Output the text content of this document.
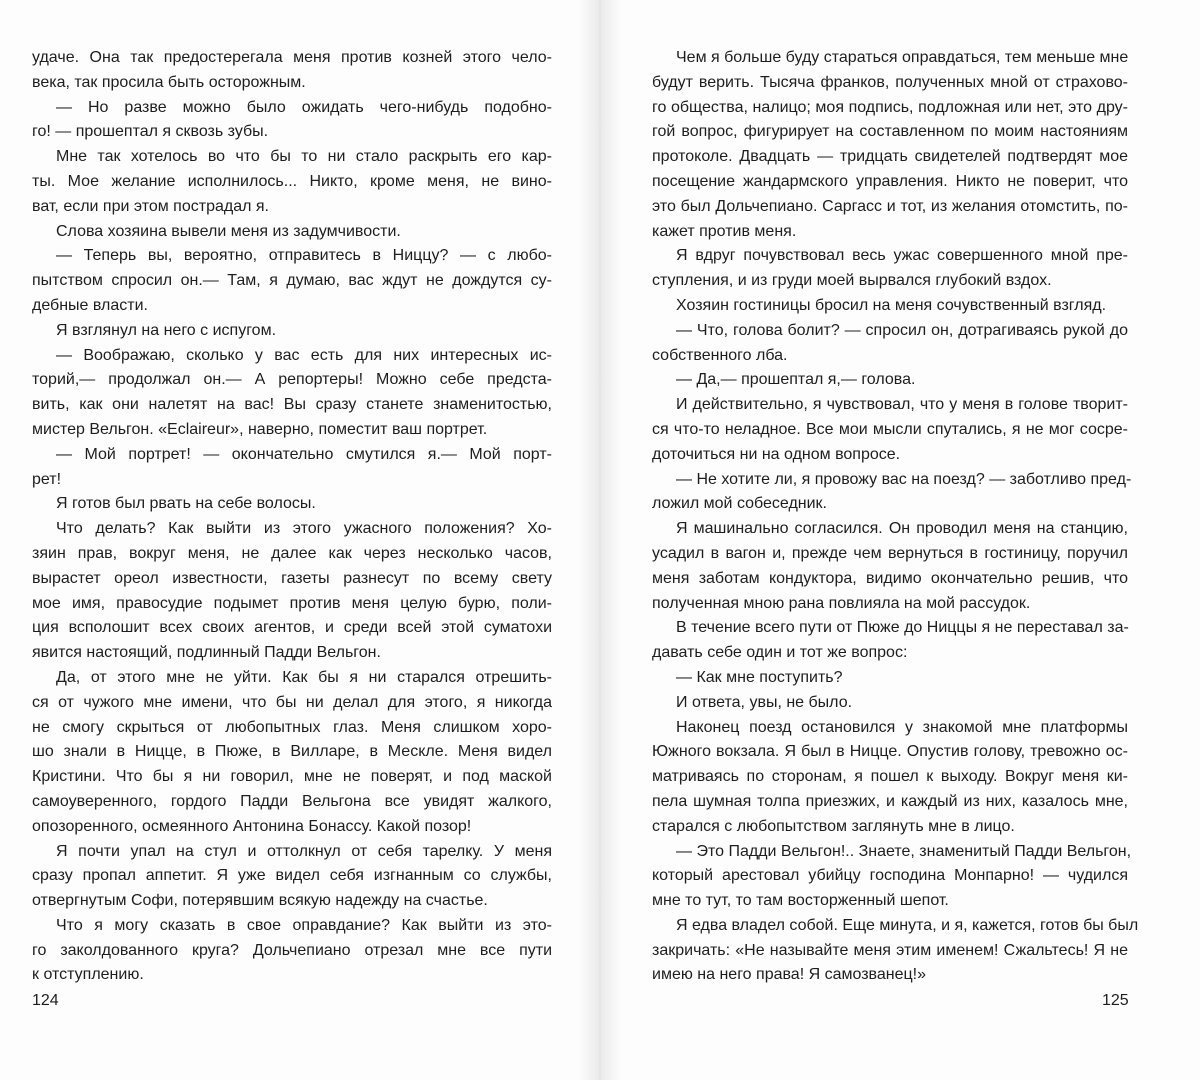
удаче. Она так предостерегала меня против козней этого чело-
века, так просила быть осторожным.
— Но разве можно было ожидать чего-нибудь подобно-
го! — прошептал я сквозь зубы.
Мне так хотелось во что бы то ни стало раскрыть его кар-
ты. Мое желание исполнилось... Никто, кроме меня, не вино-
ват, если при этом пострадал я.
Слова хозяина вывели меня из задумчивости.
— Теперь вы, вероятно, отправитесь в Ниццу? — с любо-
пытством спросил он.— Там, я думаю, вас ждут не дождутся су-
дебные власти.
Я взглянул на него с испугом.
— Воображаю, сколько у вас есть для них интересных ис-
торий,— продолжал он.— А репортеры! Можно себе предста-
вить, как они налетят на вас! Вы сразу станете знаменитостью,
мистер Вельгон. «Eclaireur», наверно, поместит ваш портрет.
— Мой портрет! — окончательно смутился я.— Мой порт-
рет!
Я готов был рвать на себе волосы.
Что делать? Как выйти из этого ужасного положения? Хо-
зяин прав, вокруг меня, не далее как через несколько часов,
вырастет ореол известности, газеты разнесут по всему свету
мое имя, правосудие подымет против меня целую бурю, поли-
ция всполошит всех своих агентов, и среди всей этой суматохи
явится настоящий, подлинный Падди Вельгон.
Да, от этого мне не уйти. Как бы я ни старался отрешить-
ся от чужого мне имени, что бы ни делал для этого, я никогда
не смогу скрыться от любопытных глаз. Меня слишком хоро-
шо знали в Ницце, в Пюже, в Вилларе, в Мескле. Меня видел
Кристини. Что бы я ни говорил, мне не поверят, и под маской
самоуверенного, гордого Падди Вельгона все увидят жалкого,
опозоренного, осмеянного Антонина Бонассу. Какой позор!
Я почти упал на стул и оттолкнул от себя тарелку. У меня
сразу пропал аппетит. Я уже видел себя изгнанным со службы,
отвергнутым Софи, потерявшим всякую надежду на счастье.
Что я могу сказать в свое оправдание? Как выйти из это-
го заколдованного круга? Дольчепиано отрезал мне все пути
к отступлению.
Чем я больше буду стараться оправдаться, тем меньше мне
будут верить. Тысяча франков, полученных мной от страхово-
го общества, налицо; моя подпись, подложная или нет, это дру-
гой вопрос, фигурирует на составленном по моим настояниям
протоколе. Двадцать — тридцать свидетелей подтвердят мое
посещение жандармского управления. Никто не поверит, что
это был Дольчепиано. Саргасс и тот, из желания отомстить, по-
кажет против меня.
Я вдруг почувствовал весь ужас совершенного мной пре-
ступления, и из груди моей вырвался глубокий вздох.
Хозяин гостиницы бросил на меня сочувственный взгляд.
— Что, голова болит? — спросил он, дотрагиваясь рукой до
собственного лба.
— Да,— прошептал я,— голова.
И действительно, я чувствовал, что у меня в голове творит-
ся что-то неладное. Все мои мысли спутались, я не мог сосре-
доточиться ни на одном вопросе.
— Не хотите ли, я провожу вас на поезд? — заботливо пред-
ложил мой собеседник.
Я машинально согласился. Он проводил меня на станцию,
усадил в вагон и, прежде чем вернуться в гостиницу, поручил
меня заботам кондуктора, видимо окончательно решив, что
полученная мною рана повлияла на мой рассудок.
В течение всего пути от Пюже до Ниццы я не переставал за-
давать себе один и тот же вопрос:
— Как мне поступить?
И ответа, увы, не было.
Наконец поезд остановился у знакомой мне платформы
Южного вокзала. Я был в Ницце. Опустив голову, тревожно ос-
матриваясь по сторонам, я пошел к выходу. Вокруг меня ки-
пела шумная толпа приезжих, и каждый из них, казалось мне,
старался с любопытством заглянуть мне в лицо.
— Это Падди Вельгон!.. Знаете, знаменитый Падди Вельгон,
который арестовал убийцу господина Монпарно! — чудился
мне то тут, то там восторженный шепот.
Я едва владел собой. Еще минута, и я, кажется, готов бы был
закричать: «Не называйте меня этим именем! Сжальтесь! Я не
имею на него права! Я самозванец!»
124	125
